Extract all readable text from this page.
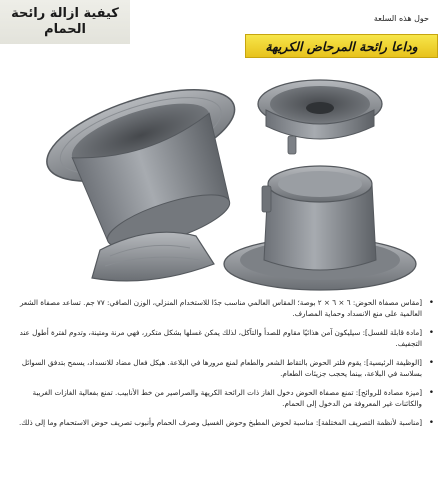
كيفية ازالة رائحة
الحمام
حول هذه السلعة
وداعا رائحة المرحاض الكريهة
•
[مقاس مصفاة الحوض: ٦ × ٦ × ٢ بوصة؛ المقاس العالمي مناسب جدًا للاستخدام المنزلي، الوزن الصافي: ٧٧ جم. تساعد مصفاة الشعر العالمية على منع الانسداد وحماية المصارف.
•
[مادة قابلة للغسل]: سيليكون آمن هذائيًا مقاوم للصدأ والتآكل، لذلك يمكن غسلها بشكل متكرر، فهي مرنة ومتينة، وتدوم لفترة أطول عند التجفيف.
•
[الوظيفة الرئيسية]: يقوم فلتر الحوض بالتقاط الشعر والطعام لمنع مرورها في البلاعة. هيكل فعال مضاد للانسداد، يسمح بتدفق السوائل بسلاسة في البلاعة، بينما يحجب جزيئات الطعام.
•
[ميزة مصادة للروائح]: تمنع مصفاة الحوض دخول الغاز ذات الرائحة الكريهة والصراصير من خط الأنابيب. تمنع بفعالية الغازات الغريبة والكائنات غير المعروفة من الدخول إلى الحمام.
•
[مناسبة لأنظمة التصريف المختلفة]: مناسبة لحوض المطبخ وحوض الغسيل وصرف الحمام وأنبوب تصريف حوض الاستحمام وما إلى ذلك.
